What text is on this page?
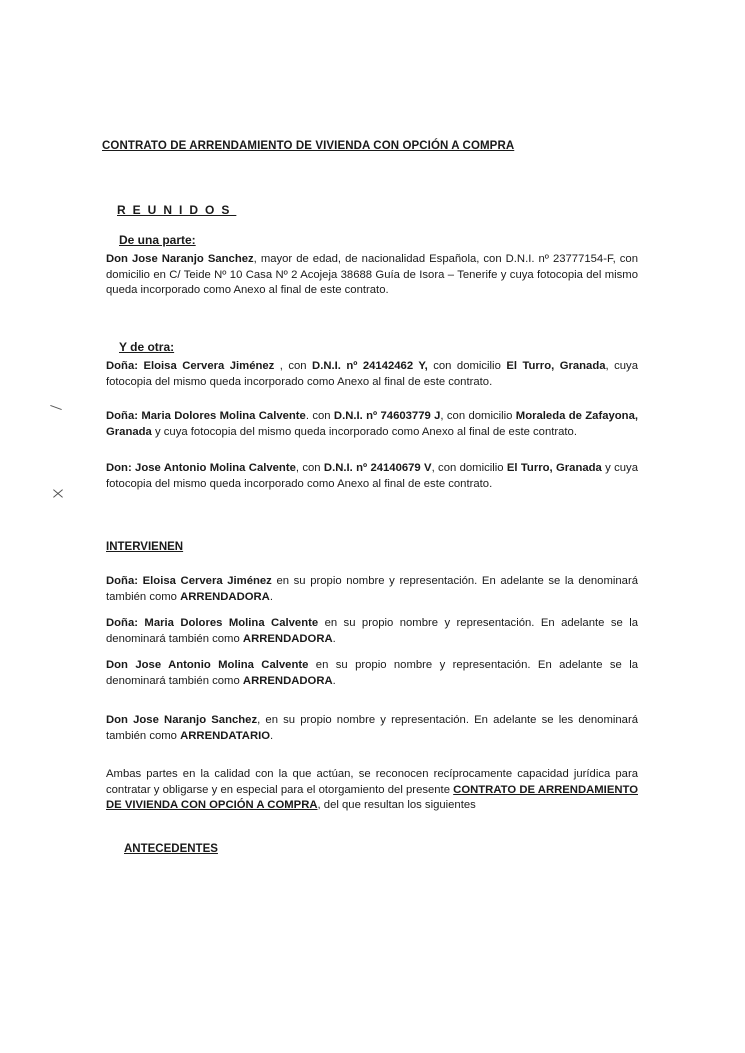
CONTRATO DE ARRENDAMIENTO DE VIVIENDA CON OPCIÓN A COMPRA
REUNIDOS
De una parte:
Don Jose Naranjo Sanchez, mayor de edad, de nacionalidad Española, con D.N.I. nº 23777154-F, con domicilio en C/ Teide Nº 10 Casa Nº 2 Acojeja 38688 Guía de Isora – Tenerife y cuya fotocopia del mismo queda incorporado como Anexo al final de este contrato.
Y de otra:
Doña: Eloisa Cervera Jiménez , con D.N.I. nº 24142462 Y, con domicilio El Turro, Granada, cuya fotocopia del mismo queda incorporado como Anexo al final de este contrato.
Doña: Maria Dolores Molina Calvente. con D.N.I. nº 74603779 J, con domicilio Moraleda de Zafayona, Granada y cuya fotocopia del mismo queda incorporado como Anexo al final de este contrato.
Don: Jose Antonio Molina Calvente, con D.N.I. nº 24140679 V, con domicilio El Turro, Granada y cuya fotocopia del mismo queda incorporado como Anexo al final de este contrato.
INTERVIENEN
Doña: Eloisa Cervera Jiménez en su propio nombre y representación. En adelante se la denominará también como ARRENDADORA.
Doña: Maria Dolores Molina Calvente en su propio nombre y representación. En adelante se la denominará también como ARRENDADORA.
Don Jose Antonio Molina Calvente en su propio nombre y representación. En adelante se la denominará también como ARRENDADORA.
Don Jose Naranjo Sanchez, en su propio nombre y representación. En adelante se les denominará también como ARRENDATARIO.
Ambas partes en la calidad con la que actúan, se reconocen recíprocamente capacidad jurídica para contratar y obligarse y en especial para el otorgamiento del presente CONTRATO DE ARRENDAMIENTO DE VIVIENDA CON OPCIÓN A COMPRA, del que resultan los siguientes
ANTECEDENTES
